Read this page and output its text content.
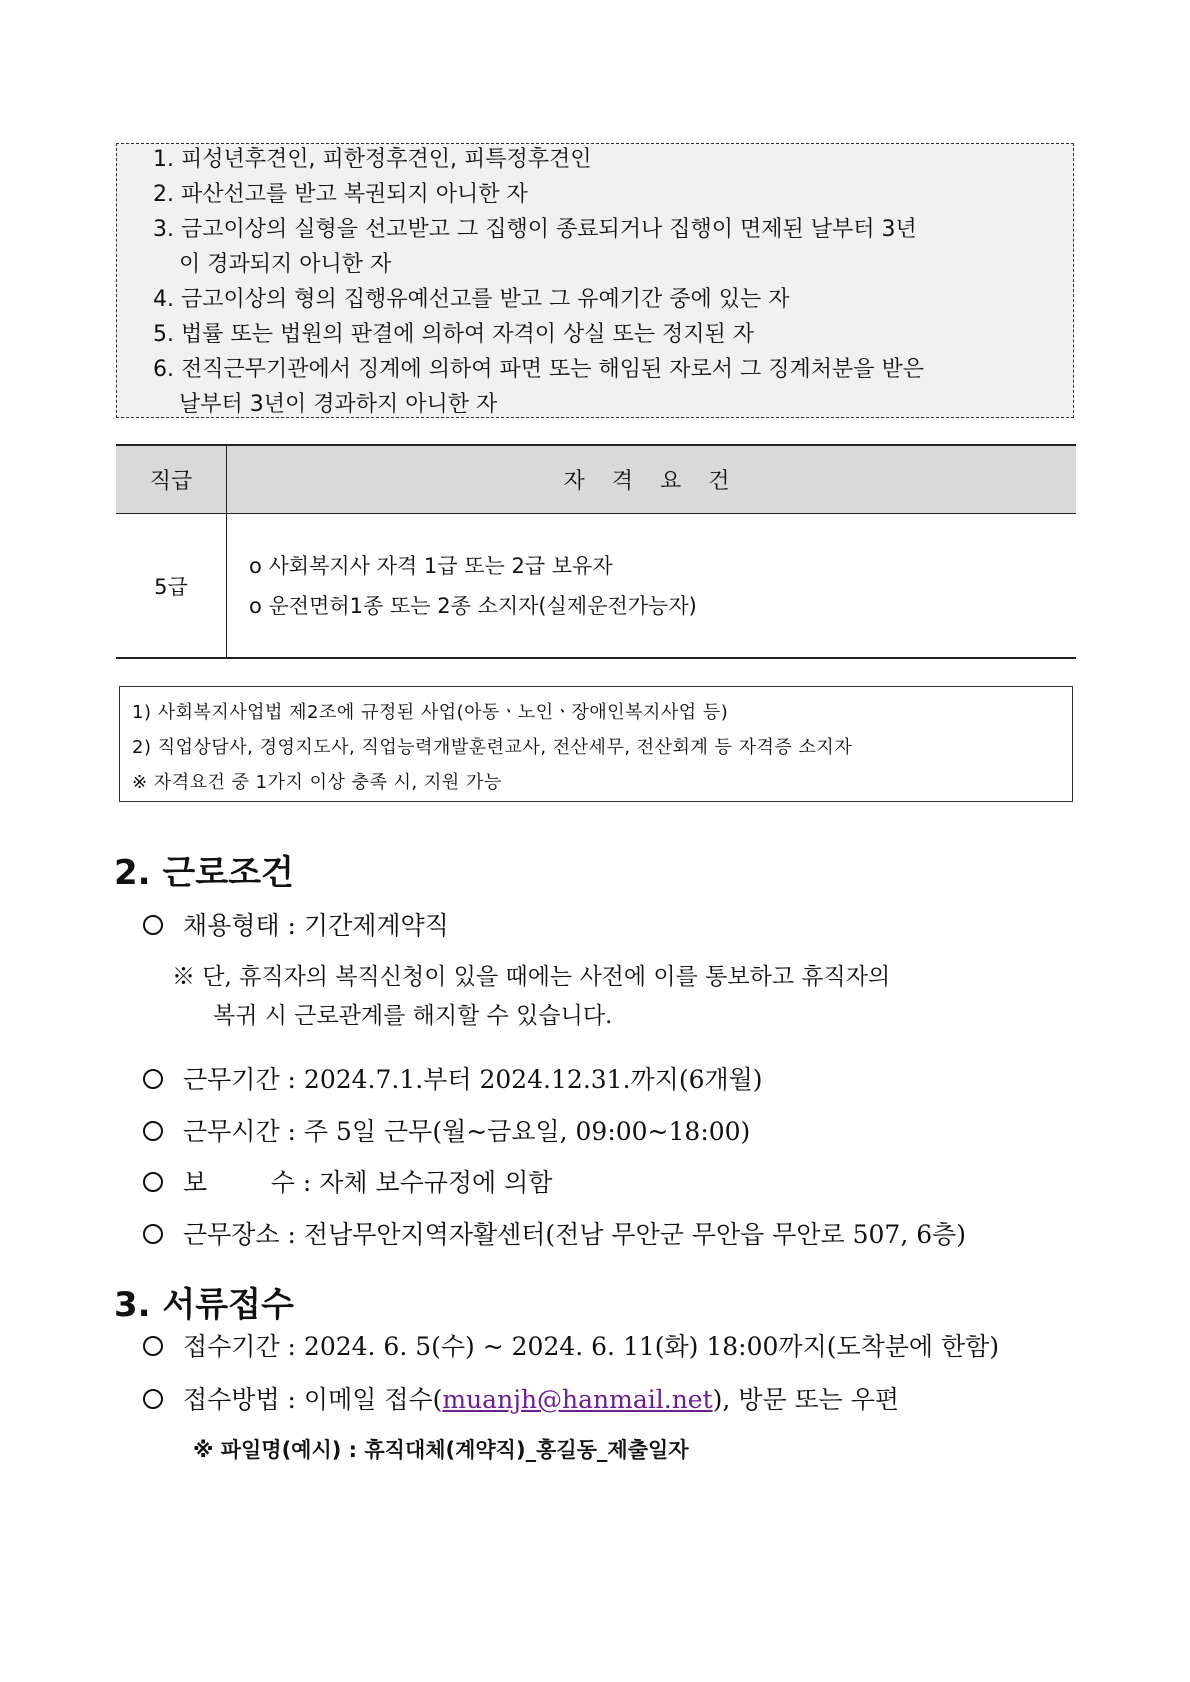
1. 피성년후견인, 피한정후견인, 피특정후견인
2. 파산선고를 받고 복권되지 아니한 자
3. 금고이상의 실형을 선고받고 그 집행이 종료되거나 집행이 면제된 날부터 3년
이 경과되지 아니한 자
4. 금고이상의 형의 집행유예선고를 받고 그 유예기간 중에 있는 자
5. 법률 또는 법원의 판결에 의하여 자격이 상실 또는 정지된 자
6. 전직근무기관에서 징계에 의하여 파면 또는 해임된 자로서 그 징계처분을 받은
날부터 3년이 경과하지 아니한 자
직급	자 격 요 건
5급	o 사회복지사 자격 1급 또는 2급 보유자
o 운전면허1종 또는 2종 소지자(실제운전가능자)
1) 사회복지사업법 제2조에 규정된 사업(아동ㆍ노인ㆍ장애인복지사업 등)
2) 직업상담사, 경영지도사, 직업능력개발훈련교사, 전산세무, 전산회계 등 자격증 소지자
※ 자격요건 중 1가지 이상 충족 시, 지원 가능
2. 근로조건
채용형태 : 기간제계약직
※ 단, 휴직자의 복직신청이 있을 때에는 사전에 이를 통보하고 휴직자의
복귀 시 근로관계를 해지할 수 있습니다.
근무기간 : 2024.7.1.부터 2024.12.31.까지(6개월)
근무시간 : 주 5일 근무(월~금요일, 09:00~18:00)
보        수 : 자체 보수규정에 의함
근무장소 : 전남무안지역자활센터(전남 무안군 무안읍 무안로 507, 6층)
3. 서류접수
접수기간 : 2024. 6. 5(수) ~ 2024. 6. 11(화) 18:00까지(도착분에 한함)
접수방법 : 이메일 접수(muanjh@hanmail.net), 방문 또는 우편
※ 파일명(예시) : 휴직대체(계약직)_홍길동_제출일자
